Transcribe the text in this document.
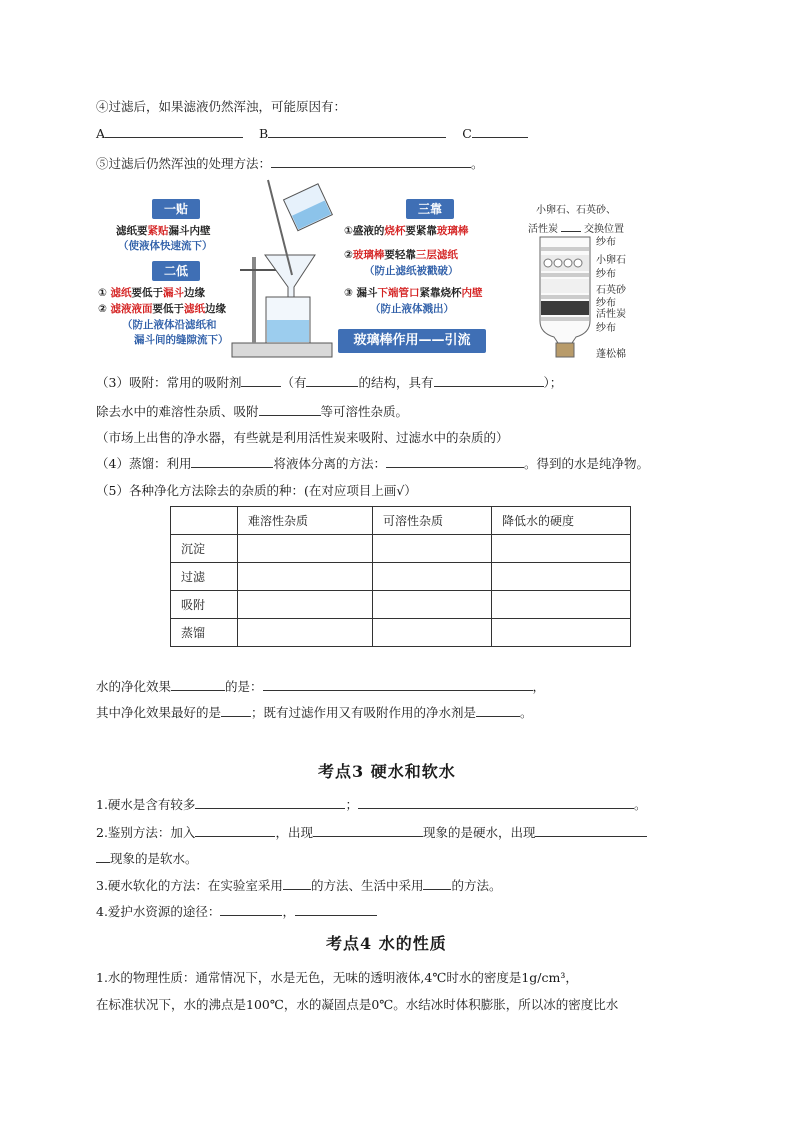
④过滤后，如果滤液仍然浑浊，可能原因有：
A	B	C
⑤过滤后仍然浑浊的处理方法：	。
一贴
滤纸要紧贴漏斗内壁
（使液体快速流下）
二低
① 滤纸要低于漏斗边缘
② 滤液液面要低于滤纸边缘
（防止液体沿滤纸和
漏斗间的缝隙流下）
三靠
①盛液的烧杯要紧靠玻璃棒
②玻璃棒要轻靠三层滤纸
（防止滤纸被戳破）
③ 漏斗下端管口紧靠烧杯内壁
（防止液体溅出）
玻璃棒作用——引流
小卵石、石英砂、
活性炭	交换位置
纱布
小卵石
纱布
石英砂
纱布
活性炭
纱布
蓬松棉
（3）吸附：常用的吸附剂	（有	的结构，具有	）；
除去水中的难溶性杂质、吸附	等可溶性杂质。
（市场上出售的净水器，有些就是利用活性炭来吸附、过滤水中的杂质的）
（4）蒸馏：利用	将液体分离的方法：	。得到的水是纯净物。
（5）各种净化方法除去的杂质的种：(在对应项目上画√）
	难溶性杂质	可溶性杂质	降低水的硬度
沉淀			
过滤			
吸附			
蒸馏			
水的净化效果	的是：	，
其中净化效果最好的是 ；既有过滤作用又有吸附作用的净水剂是	。
考点3 硬水和软水
1.硬水是含有较多	；	。
2.鉴别方法：加入	，出现	现象的是硬水，出现
现象的是软水。
3.硬水软化的方法：在实验室采用 的方法、生活中采用 的方法。
4.爱护水资源的途径：	，
考点4 水的性质
1.水的物理性质：通常情况下，水是无色，无味的透明液体,4℃时水的密度是1g/cm³，
在标准状况下，水的沸点是100℃，水的凝固点是0℃。水结冰时体积膨胀，所以冰的密度比水
